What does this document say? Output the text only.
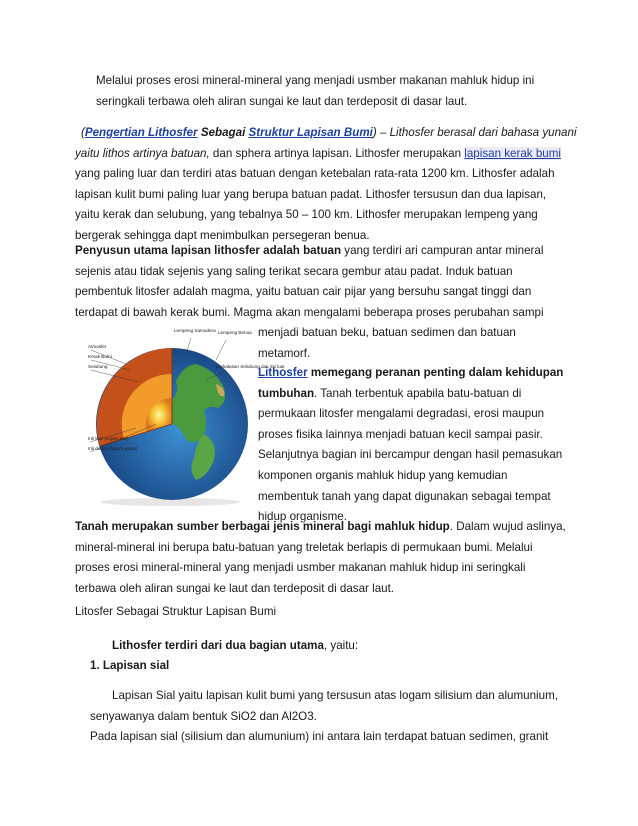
Melalui proses erosi mineral-mineral yang menjadi usmber makanan mahluk hidup ini
seringkali terbawa oleh aliran sungai ke laut dan terdeposit di dasar laut.
(Pengertian Lithosfer Sebagai Struktur Lapisan Bumi) – Lithosfer berasal dari bahasa yunani
yaitu lithos artinya batuan, dan sphera artinya lapisan. Lithosfer merupakan lapisan kerak bumi
yang paling luar dan terdiri atas batuan dengan ketebalan rata-rata 1200 km. Lithosfer adalah
lapisan kulit bumi paling luar yang berupa batuan padat. Lithosfer tersusun dan dua lapisan,
yaitu kerak dan selubung, yang tebalnya 50 – 100 km. Lithosfer merupakan lempeng yang
bergerak sehingga dapt menimbulkan persegeran benua.
Penyusun utama lapisan lithosfer adalah batuan yang terdiri ari campuran antar mineral
sejenis atau tidak sejenis yang saling terikat secara gembur atau padat. Induk batuan
pembentuk litosfer adalah magma, yaitu batuan cair pijar yang bersuhu sangat tinggi dan
terdapat di bawah kerak bumi. Magma akan mengalami beberapa proses perubahan sampi
menjadi batuan beku, batuan sedimen dan batuan
metamorf.
Atmosfer
Kerak Bumi
Selubung
Inti luar (logam cair)
Inti dalam (logam padat)
Lempeng Samudera Lempeng Benua
perbatasan Selubung dan inti luar
Lithosfer memegang peranan penting dalam kehidupan
tumbuhan. Tanah terbentuk apabila batu-batuan di
permukaan litosfer mengalami degradasi, erosi maupun
proses fisika lainnya menjadi batuan kecil sampai pasir.
Selanjutnya bagian ini bercampur dengan hasil pemasukan
komponen organis mahluk hidup yang kemudian
membentuk tanah yang dapat digunakan sebagai tempat
hidup organisme.
Tanah merupakan sumber berbagai jenis mineral bagi mahluk hidup. Dalam wujud aslinya,
mineral-mineral ini berupa batu-batuan yang treletak berlapis di permukaan bumi. Melalui
proses erosi mineral-mineral yang menjadi usmber makanan mahluk hidup ini seringkali
terbawa oleh aliran sungai ke laut dan terdeposit di dasar laut.
Litosfer Sebagai Struktur Lapisan Bumi
Lithosfer terdiri dari dua bagian utama, yaitu:
1. Lapisan sial
Lapisan Sial yaitu lapisan kulit bumi yang tersusun atas logam silisium dan alumunium,
senyawanya dalam bentuk SiO2 dan Al2O3.
Pada lapisan sial (silisium dan alumunium) ini antara lain terdapat batuan sedimen, granit
